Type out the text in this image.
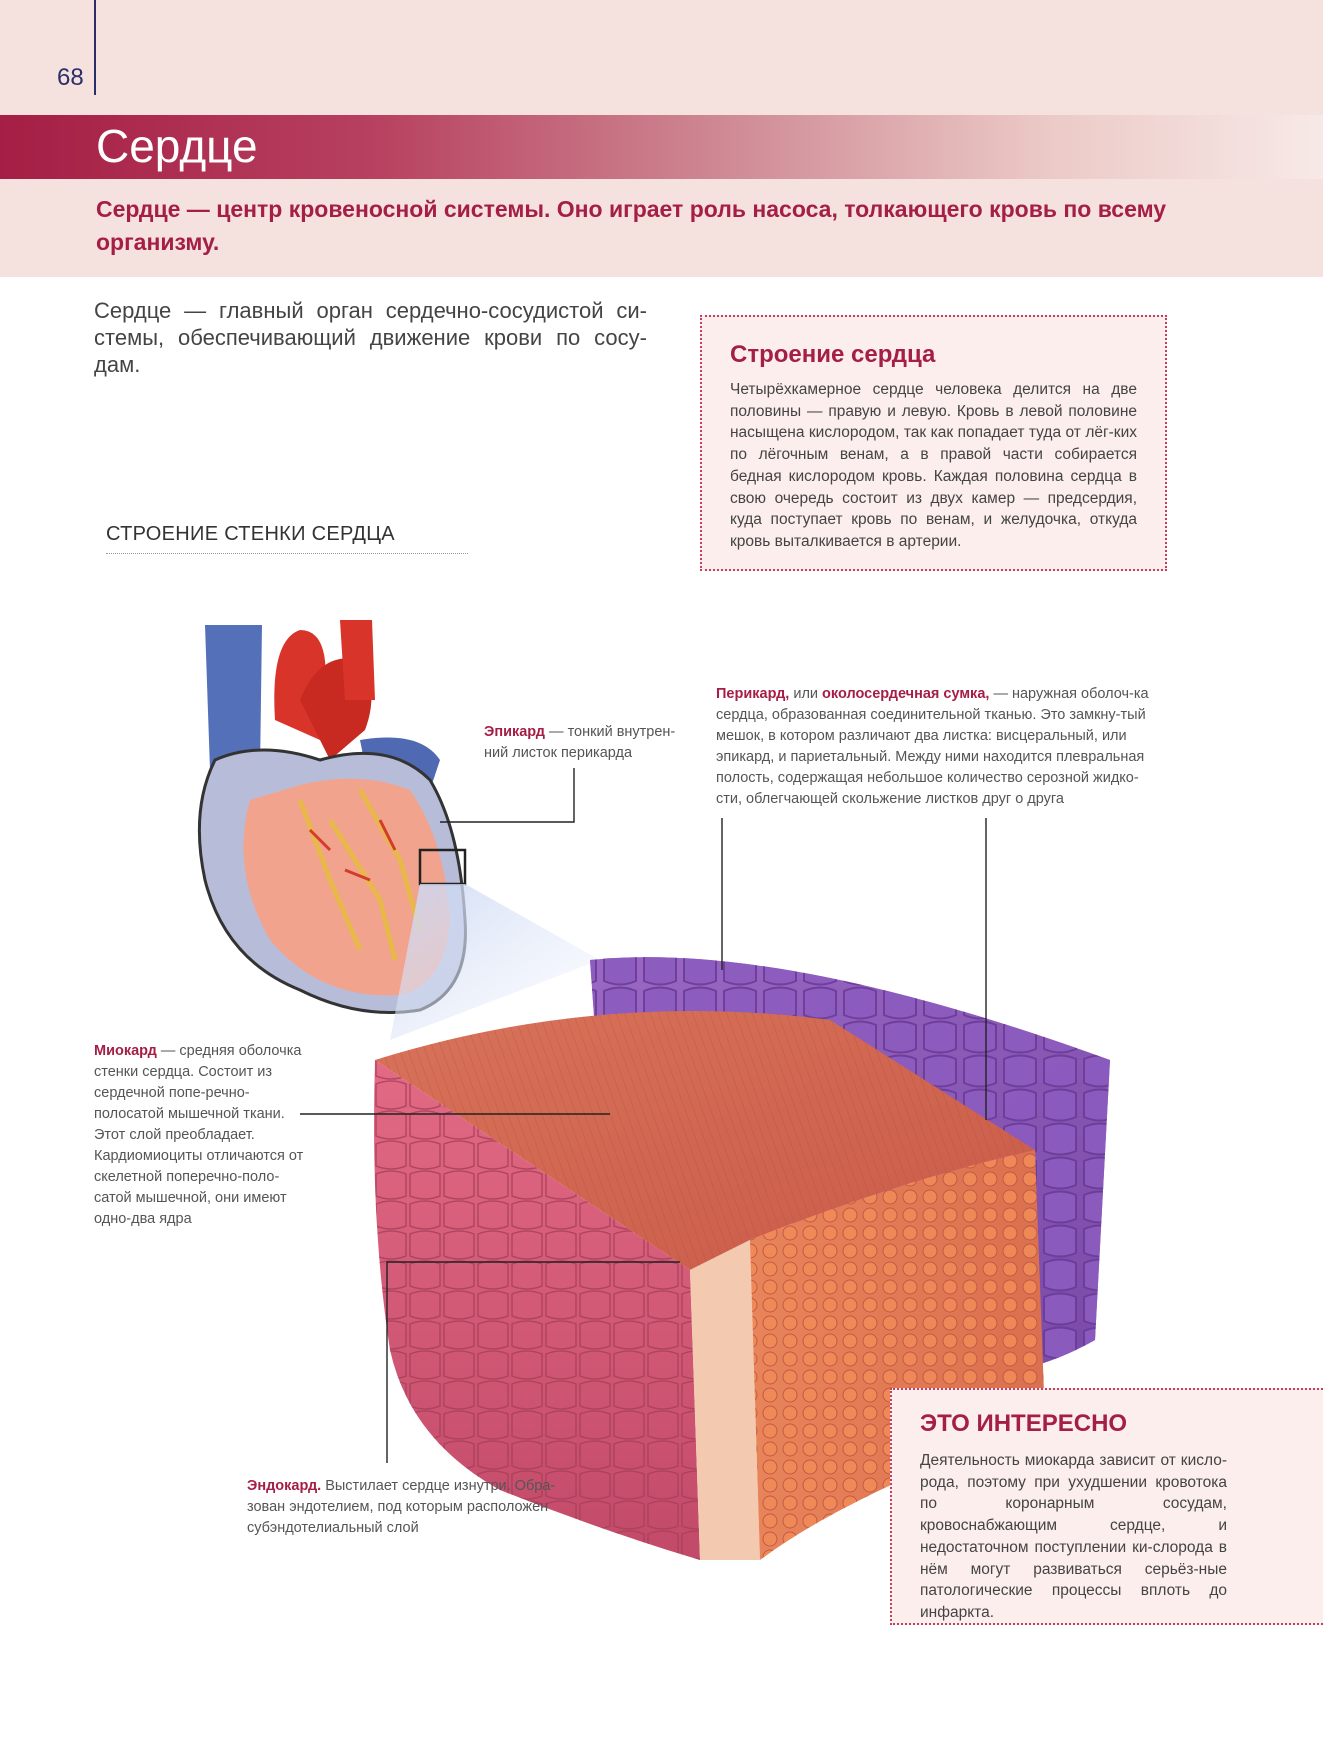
68
Сердце
Сердце — центр кровеносной системы. Оно играет роль насоса, толкающего кровь по всему организму.
Сердце — главный орган сердечно-сосудистой си-стемы, обеспечивающий движение крови по сосу-дам.	Строение сердца
Четырёхкамерное сердце человека делится на две половины — правую и левую. Кровь в левой половине насыщена кислородом, так как попадает туда от лёг-ких по лёгочным венам, а в правой части собирается бедная кислородом кровь. Каждая половина сердца в свою очередь состоит из двух камер — предсердия, куда поступает кровь по венам, и желудочка, откуда кровь выталкивается в артерии.
СТРОЕНИЕ СТЕНКИ СЕРДЦА
Эпикард — тонкий внутрен-ний листок перикарда
Перикард, или околосердечная сумка, — наружная оболоч-ка сердца, образованная соединительной тканью. Это замкну-тый мешок, в котором различают два листка: висцеральный, или эпикард, и париетальный. Между ними находится плевральная полость, содержащая небольшое количество серозной жидко-сти, облегчающей скольжение листков друг о друга
Миокард — средняя оболочка стенки сердца. Состоит из сердечной попе-речно-полосатой мышечной ткани. Этот слой преобладает. Кардиомиоциты отличаются от скелетной поперечно-поло-сатой мышечной, они имеют одно-два ядра
Эндокард. Выстилает сердце изнутри. Обра-зован эндотелием, под которым расположен субэндотелиальный слой
ЭТО ИНТЕРЕСНО
Деятельность миокарда зависит от кисло-рода, поэтому при ухудшении кровотока по коронарным сосудам, кровоснабжающим сердце, и недостаточном поступлении ки-слорода в нём могут развиваться серьёз-ные патологические процессы вплоть до инфаркта.
